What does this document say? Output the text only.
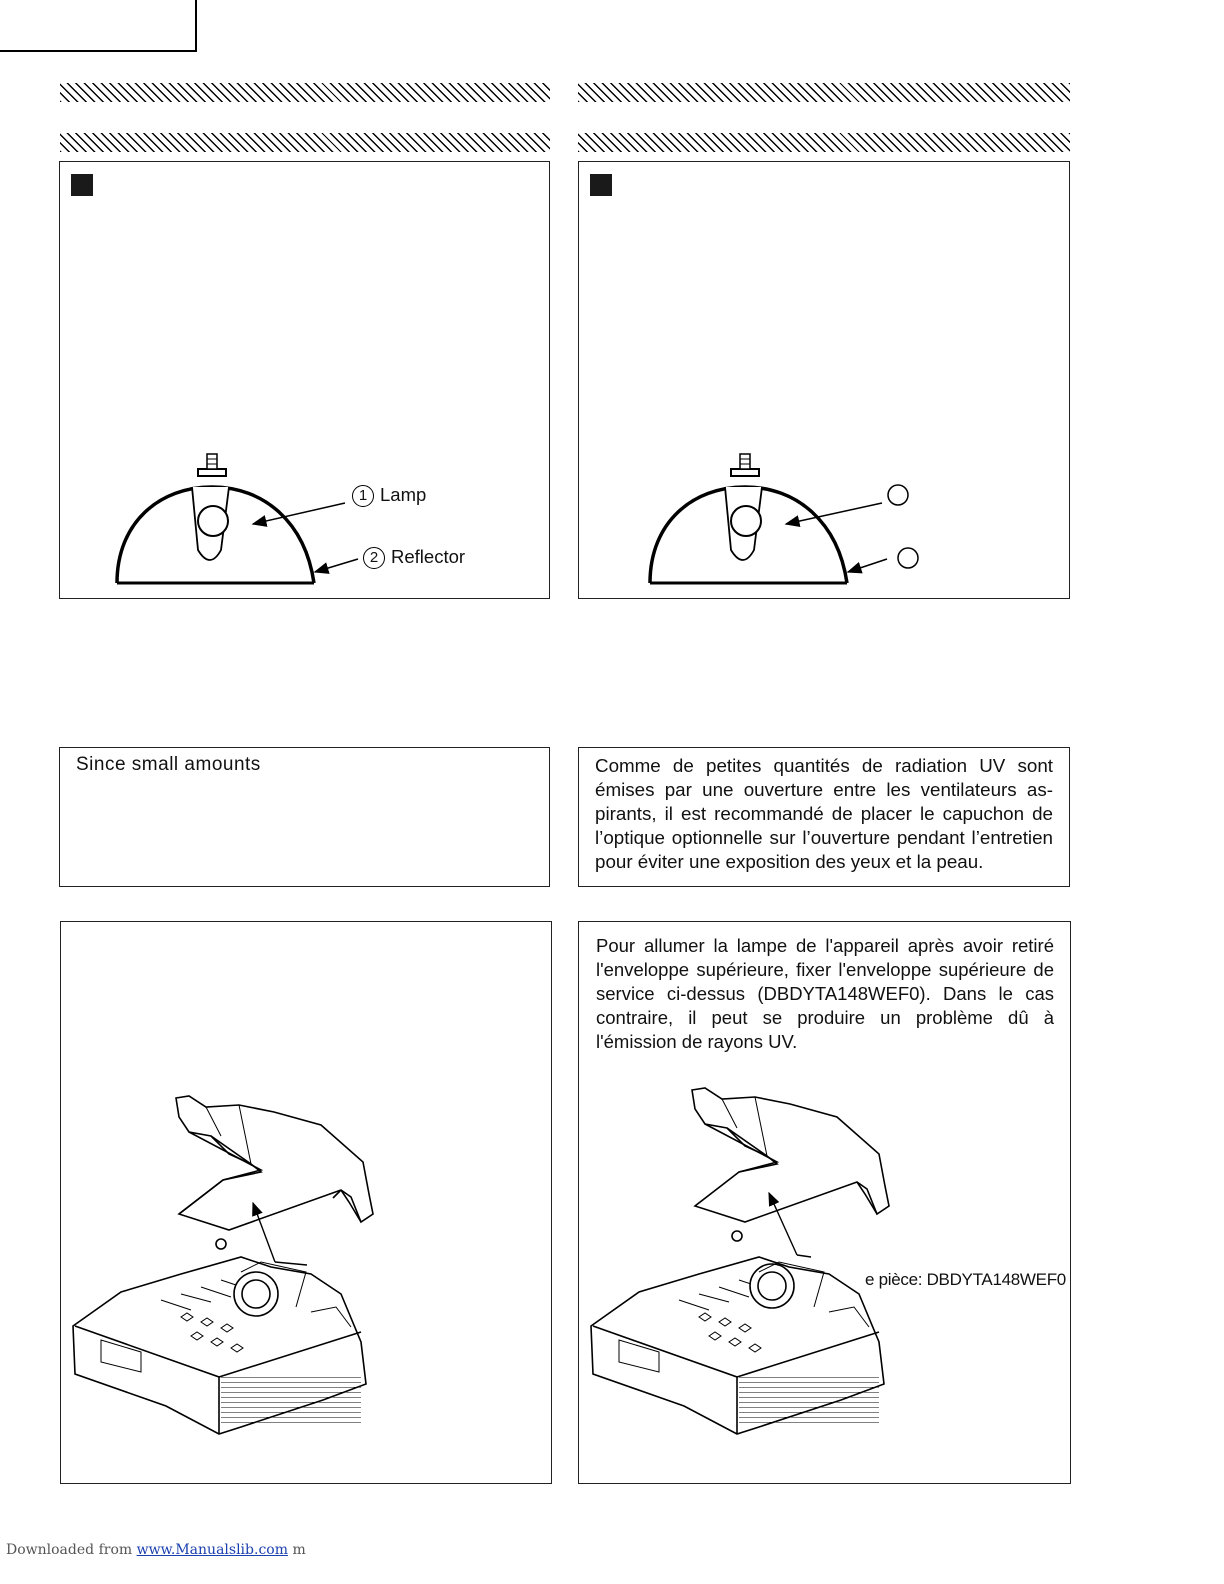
1 Lamp
2 Reflector
Since small amounts	Comme de petites quantités de radiation UV sont émises par une ouverture entre les ventilateurs as-pirants, il est recommandé de placer le capuchon de l’optique optionnelle sur l’ouverture pendant l’entretien pour éviter une exposition des yeux et la peau.
Pour allumer la lampe de l'appareil après avoir retiré l'enveloppe supérieure, fixer l'enveloppe supérieure de service ci-dessus (DBDYTA148WEF0). Dans le cas contraire, il peut se produire un problème dû à l'émission de rayons UV.
e pièce: DBDYTA148WEF0
Downloaded from www.Manualslib.com m
